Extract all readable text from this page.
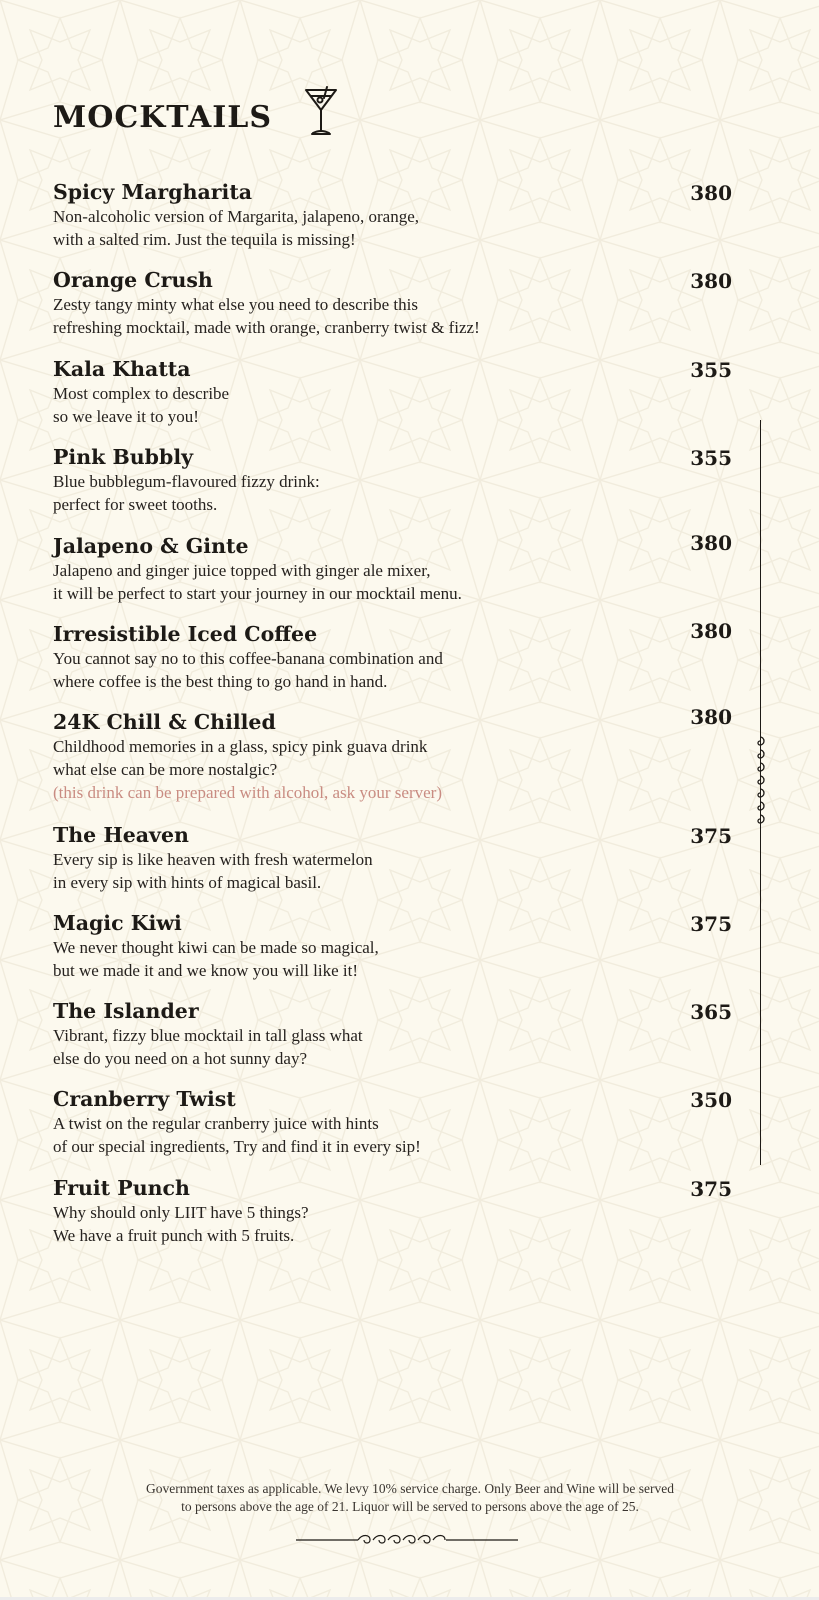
MOCKTAILS
Spicy Margharita
Non-alcoholic version of Margarita, jalapeno, orange,
with a salted rim. Just the tequila is missing!
380
Orange Crush
Zesty tangy minty what else you need to describe this
refreshing mocktail, made with orange, cranberry twist & fizz!
380
Kala Khatta
Most complex to describe
so we leave it to you!
355
Pink Bubbly
Blue bubblegum-flavoured fizzy drink:
perfect for sweet tooths.
355
Jalapeno & Ginte
Jalapeno and ginger juice topped with ginger ale mixer,
it will be perfect to start your journey in our mocktail menu.
380
Irresistible Iced Coffee
You cannot say no to this coffee-banana combination and
where coffee is the best thing to go hand in hand.
380
24K Chill & Chilled
Childhood memories in a glass, spicy pink guava drink
what else can be more nostalgic?
(this drink can be prepared with alcohol, ask your server)
380
The Heaven
Every sip is like heaven with fresh watermelon
in every sip with hints of magical basil.
375
Magic Kiwi
We never thought kiwi can be made so magical,
but we made it and we know you will like it!
375
The Islander
Vibrant, fizzy blue mocktail in tall glass what
else do you need on a hot sunny day?
365
Cranberry Twist
A twist on the regular cranberry juice with hints
of our special ingredients, Try and find it in every sip!
350
Fruit Punch
Why should only LIIT have 5 things?
We have a fruit punch with 5 fruits.
375
Government taxes as applicable. We levy 10% service charge. Only Beer and Wine will be served
to persons above the age of 21. Liquor will be served to persons above the age of 25.
